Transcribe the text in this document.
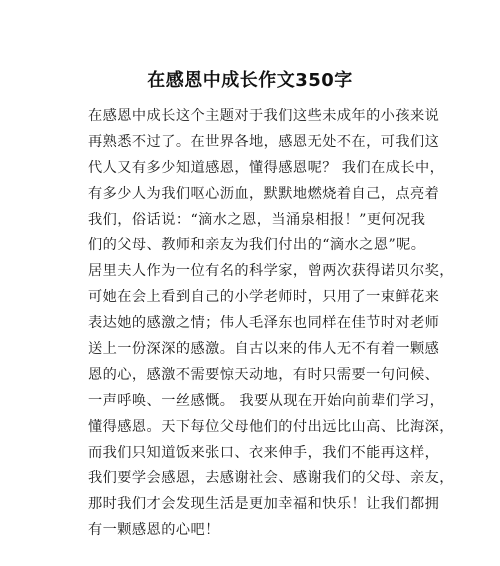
在感恩中成长作文350字
在感恩中成长这个主题对于我们这些未成年的小孩来说
再熟悉不过了。在世界各地，感恩无处不在，可我们这
代人又有多少知道感恩，懂得感恩呢？ 我们在成长中，
有多少人为我们呕心沥血，默默地燃烧着自己，点亮着
我们，俗话说：“滴水之恩，当涌泉相报！”更何况我
们的父母、教师和亲友为我们付出的“滴水之恩”呢。
居里夫人作为一位有名的科学家，曾两次获得诺贝尔奖，
可她在会上看到自己的小学老师时，只用了一束鲜花来
表达她的感激之情；伟人毛泽东也同样在佳节时对老师
送上一份深深的感激。自古以来的伟人无不有着一颗感
恩的心，感激不需要惊天动地，有时只需要一句问候、
一声呼唤、一丝感慨。 我要从现在开始向前辈们学习，
懂得感恩。天下每位父母他们的付出远比山高、比海深，
而我们只知道饭来张口、衣来伸手，我们不能再这样，
我们要学会感恩，去感谢社会、感谢我们的父母、亲友，
那时我们才会发现生活是更加幸福和快乐！让我们都拥
有一颗感恩的心吧！
